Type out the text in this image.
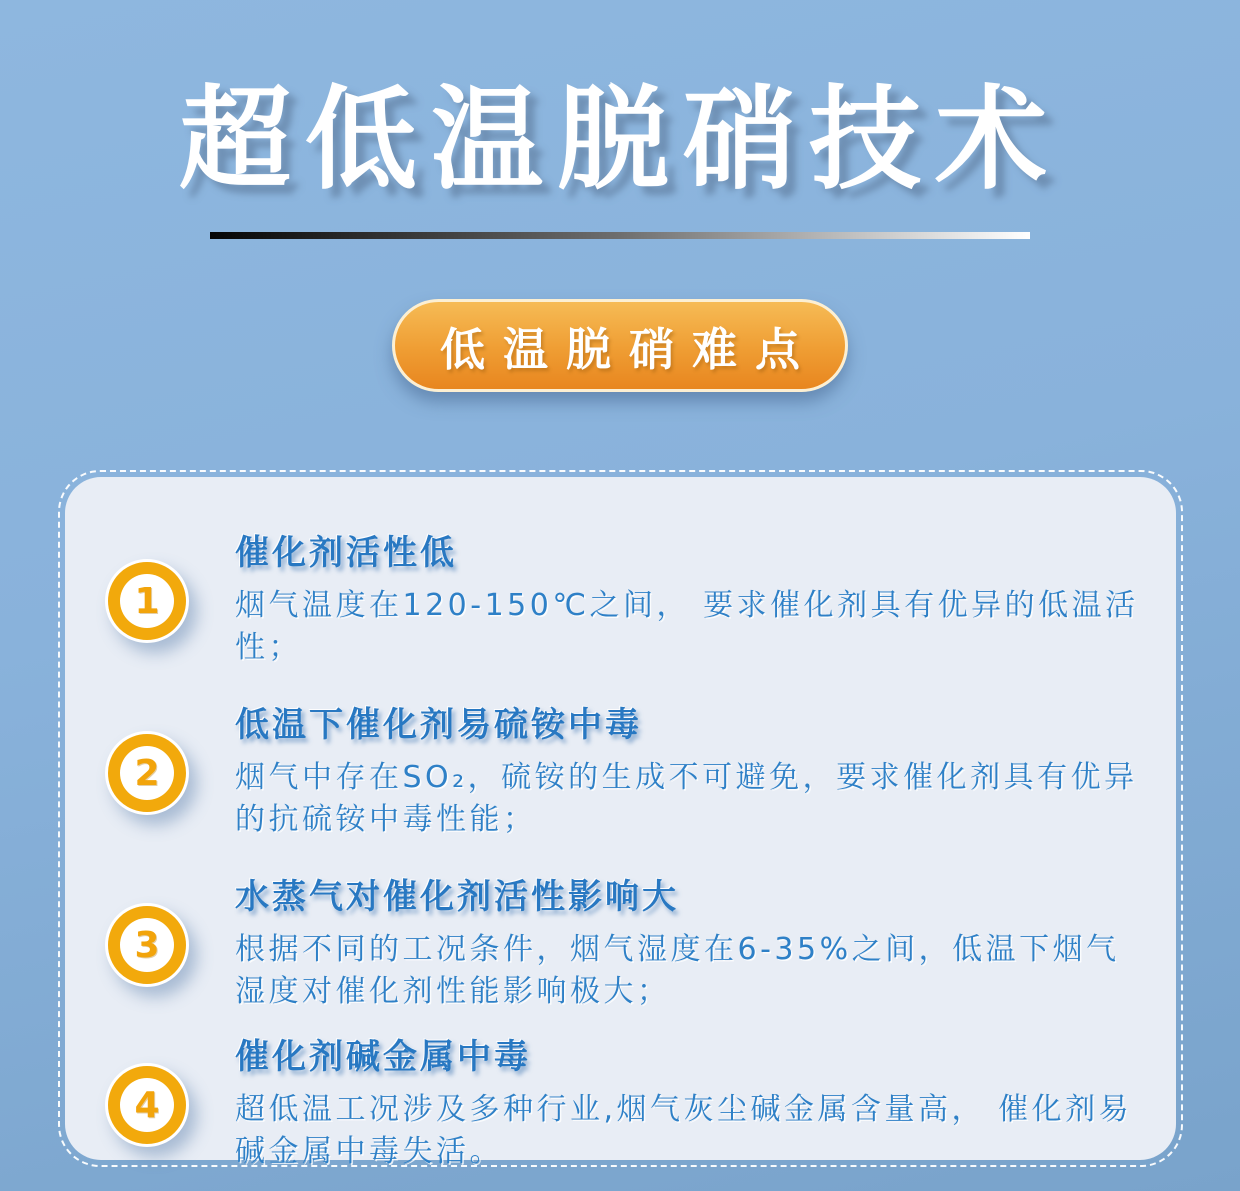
超低温脱硝技术
低温脱硝难点
1
催化剂活性低
烟气温度在120-150℃之间， 要求催化剂具有优异的低温活性；
2
低温下催化剂易硫铵中毒
烟气中存在SO₂，硫铵的生成不可避免，要求催化剂具有优异的抗硫铵中毒性能；
3
水蒸气对催化剂活性影响大
根据不同的工况条件，烟气湿度在6-35%之间，低温下烟气湿度对催化剂性能影响极大；
4
催化剂碱金属中毒
超低温工况涉及多种行业,烟气灰尘碱金属含量高， 催化剂易碱金属中毒失活。
